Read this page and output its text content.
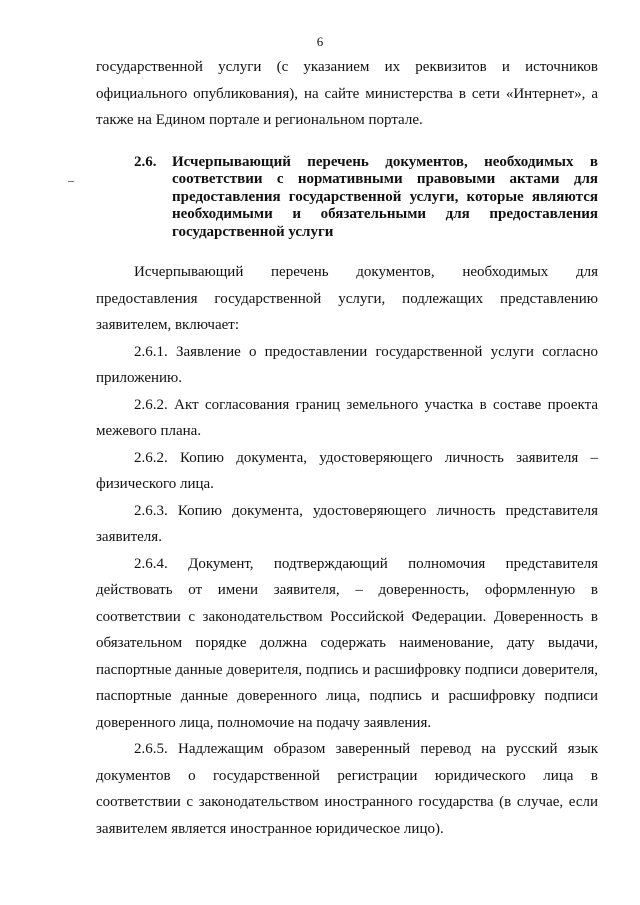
6

государственной услуги (с указанием их реквизитов и источников официального опубликования), на сайте министерства в сети «Интернет», а также на Едином портале и региональном портале.

2.6.	Исчерпывающий перечень документов, необходимых в соответствии с нормативными правовыми актами для предоставления государственной услуги, которые являются необходимыми и обязательными для предоставления государственной услуги

Исчерпывающий перечень документов, необходимых для предоставления государственной услуги, подлежащих представлению заявителем, включает:

2.6.1. Заявление о предоставлении государственной услуги согласно приложению.

2.6.2. Акт согласования границ земельного участка в составе проекта межевого плана.

2.6.2. Копию документа, удостоверяющего личность заявителя – физического лица.

2.6.3. Копию документа, удостоверяющего личность представителя заявителя.

2.6.4. Документ, подтверждающий полномочия представителя действовать от имени заявителя, – доверенность, оформленную в соответствии с законодательством Российской Федерации. Доверенность в обязательном порядке должна содержать наименование, дату выдачи, паспортные данные доверителя, подпись и расшифровку подписи доверителя, паспортные данные доверенного лица, подпись и расшифровку подписи доверенного лица, полномочие на подачу заявления.

2.6.5. Надлежащим образом заверенный перевод на русский язык документов о государственной регистрации юридического лица в соответствии с законодательством иностранного государства (в случае, если заявителем является иностранное юридическое лицо).
